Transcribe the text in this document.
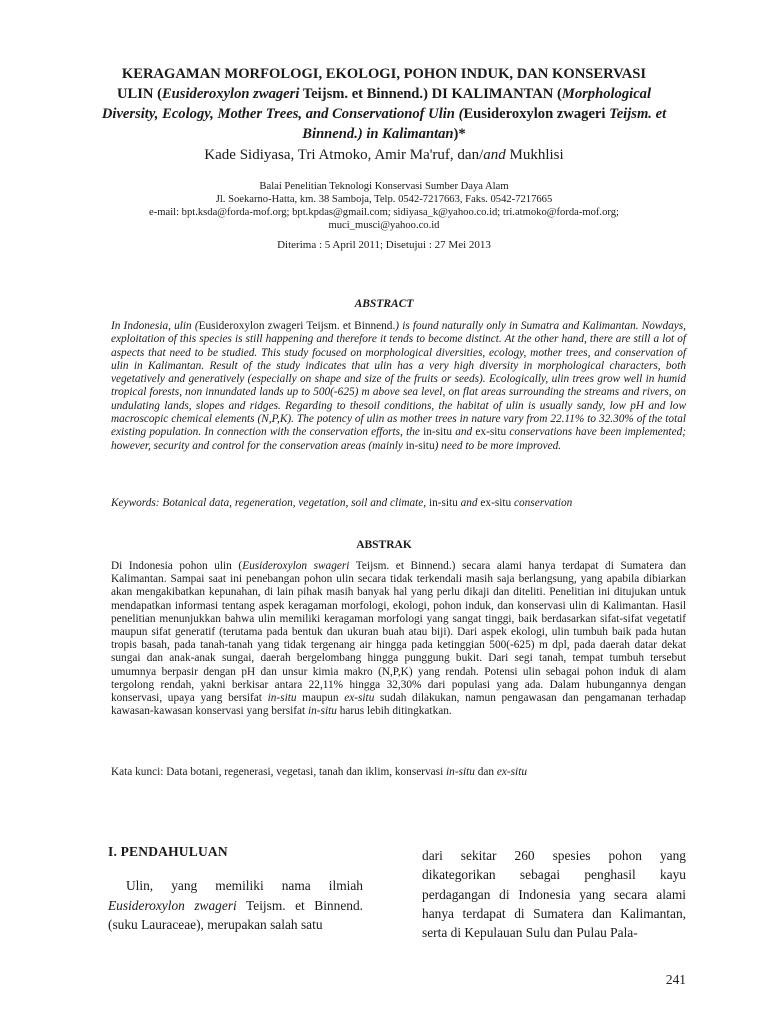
KERAGAMAN MORFOLOGI, EKOLOGI, POHON INDUK, DAN KONSERVASI
ULIN (Eusideroxylon zwageri Teijsm. et Binnend.) DI KALIMANTAN (Morphological Diversity, Ecology, Mother Trees, and Conservationof Ulin (Eusideroxylon zwageri Teijsm. et Binnend.) in Kalimantan)*
Kade Sidiyasa, Tri Atmoko, Amir Ma'ruf, dan/and Mukhlisi
Balai Penelitian Teknologi Konservasi Sumber Daya Alam
Jl. Soekarno-Hatta, km. 38 Samboja, Telp. 0542-7217663, Faks. 0542-7217665
e-mail: bpt.ksda@forda-mof.org; bpt.kpdas@gmail.com; sidiyasa_k@yahoo.co.id; tri.atmoko@forda-mof.org;
muci_musci@yahoo.co.id
Diterima : 5 April 2011; Disetujui : 27 Mei 2013
ABSTRACT
In Indonesia, ulin (Eusideroxylon zwageri Teijsm. et Binnend.) is found naturally only in Sumatra and Kalimantan. Nowdays, exploitation of this species is still happening and therefore it tends to become distinct. At the other hand, there are still a lot of aspects that need to be studied. This study focused on morphological diversities, ecology, mother trees, and conservation of ulin in Kalimantan. Result of the study indicates that ulin has a very high diversity in morphological characters, both vegetatively and generatively (especially on shape and size of the fruits or seeds). Ecologically, ulin trees grow well in humid tropical forests, non innundated lands up to 500(-625) m above sea level, on flat areas surrounding the streams and rivers, on undulating lands, slopes and ridges. Regarding to thesoil conditions, the habitat of ulin is usually sandy, low pH and low macroscopic chemical elements (N,P,K). The potency of ulin as mother trees in nature vary from 22.11% to 32.30% of the total existing population. In connection with the conservation efforts, the in-situ and ex-situ conservations have been implemented; however, security and control for the conservation areas (mainly in-situ) need to be more improved.
Keywords: Botanical data, regeneration, vegetation, soil and climate, in-situ and ex-situ conservation
ABSTRAK
Di Indonesia pohon ulin (Eusideroxylon swageri Teijsm. et Binnend.) secara alami hanya terdapat di Sumatera dan Kalimantan. Sampai saat ini penebangan pohon ulin secara tidak terkendali masih saja berlangsung, yang apabila dibiarkan akan mengakibatkan kepunahan, di lain pihak masih banyak hal yang perlu dikaji dan diteliti. Penelitian ini ditujukan untuk mendapatkan informasi tentang aspek keragaman morfologi, ekologi, pohon induk, dan konservasi ulin di Kalimantan. Hasil penelitian menunjukkan bahwa ulin memiliki keragaman morfologi yang sangat tinggi, baik berdasarkan sifat-sifat vegetatif maupun sifat generatif (terutama pada bentuk dan ukuran buah atau biji). Dari aspek ekologi, ulin tumbuh baik pada hutan tropis basah, pada tanah-tanah yang tidak tergenang air hingga pada ketinggian 500(-625) m dpl, pada daerah datar dekat sungai dan anak-anak sungai, daerah bergelombang hingga punggung bukit. Dari segi tanah, tempat tumbuh tersebut umumnya berpasir dengan pH dan unsur kimia makro (N,P,K) yang rendah. Potensi ulin sebagai pohon induk di alam tergolong rendah, yakni berkisar antara 22,11% hingga 32,30% dari populasi yang ada. Dalam hubungannya dengan konservasi, upaya yang bersifat in-situ maupun ex-situ sudah dilakukan, namun pengawasan dan pengamanan terhadap kawasan-kawasan konservasi yang bersifat in-situ harus lebih ditingkatkan.
Kata kunci: Data botani, regenerasi, vegetasi, tanah dan iklim, konservasi in-situ dan ex-situ
I. PENDAHULUAN
Ulin, yang memiliki nama ilmiah Eusideroxylon zwageri Teijsm. et Binnend. (suku Lauraceae), merupakan salah satu
dari sekitar 260 spesies pohon yang dikategorikan sebagai penghasil kayu perdagangan di Indonesia yang secara alami hanya terdapat di Sumatera dan Kalimantan, serta di Kepulauan Sulu dan Pulau Pala-
241
